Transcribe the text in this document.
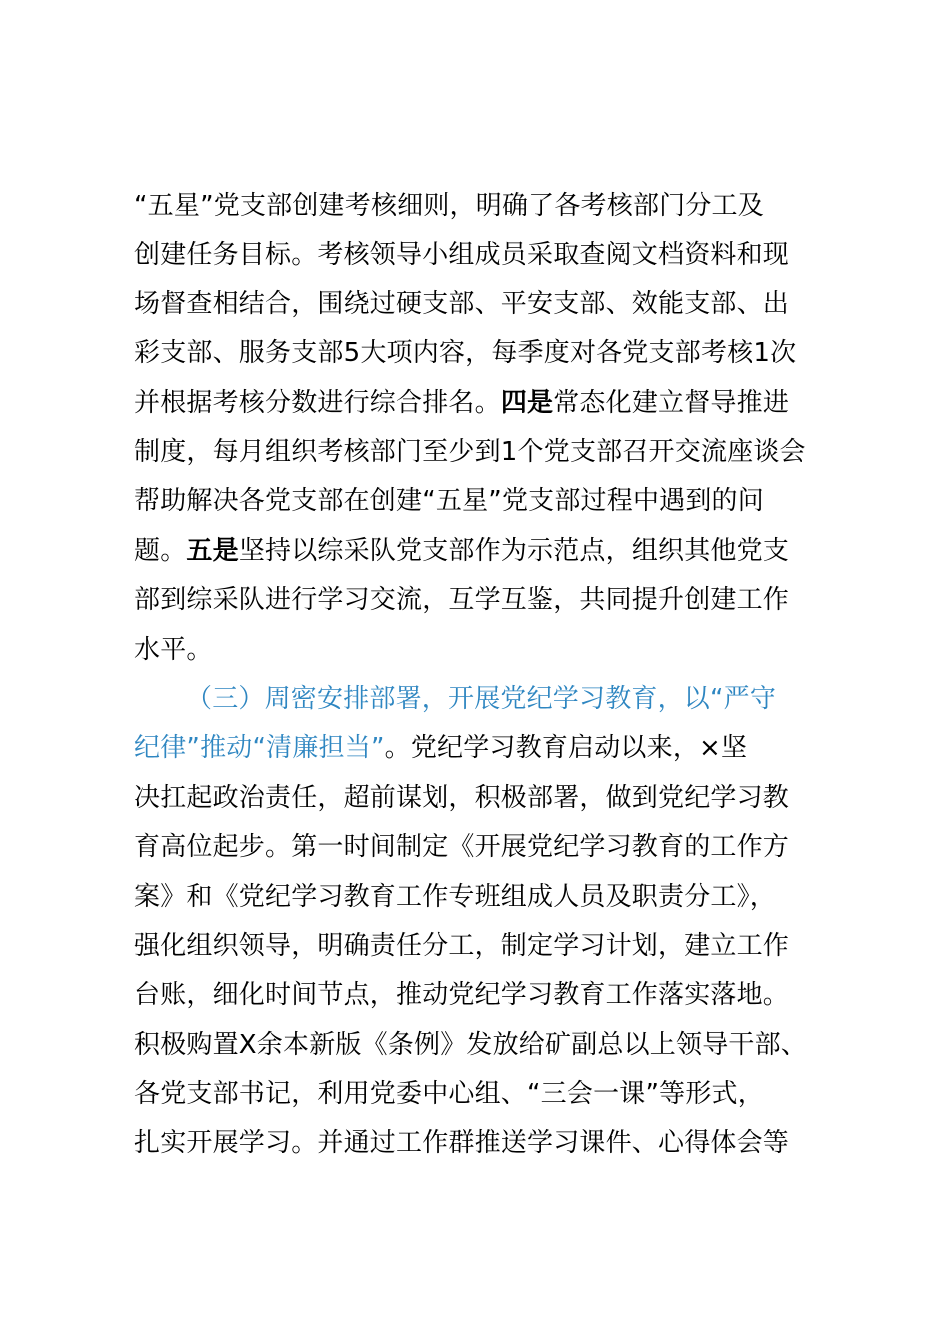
“五星”党支部创建考核细则，明确了各考核部门分工及
创建任务目标。考核领导小组成员采取查阅文档资料和现
场督查相结合，围绕过硬支部、平安支部、效能支部、出
彩支部、服务支部5大项内容，每季度对各党支部考核1次
并根据考核分数进行综合排名。四是常态化建立督导推进
制度，每月组织考核部门至少到1个党支部召开交流座谈会
帮助解决各党支部在创建“五星”党支部过程中遇到的问
题。五是坚持以综采队党支部作为示范点，组织其他党支
部到综采队进行学习交流，互学互鉴，共同提升创建工作
水平。
（三）周密安排部署，开展党纪学习教育，以“严守
纪律”推动“清廉担当”。党纪学习教育启动以来，×坚
决扛起政治责任，超前谋划，积极部署，做到党纪学习教
育高位起步。第一时间制定《开展党纪学习教育的工作方
案》和《党纪学习教育工作专班组成人员及职责分工》，
强化组织领导，明确责任分工，制定学习计划，建立工作
台账，细化时间节点，推动党纪学习教育工作落实落地。
积极购置X余本新版《条例》发放给矿副总以上领导干部、
各党支部书记，利用党委中心组、“三会一课”等形式，
扎实开展学习。并通过工作群推送学习课件、心得体会等
